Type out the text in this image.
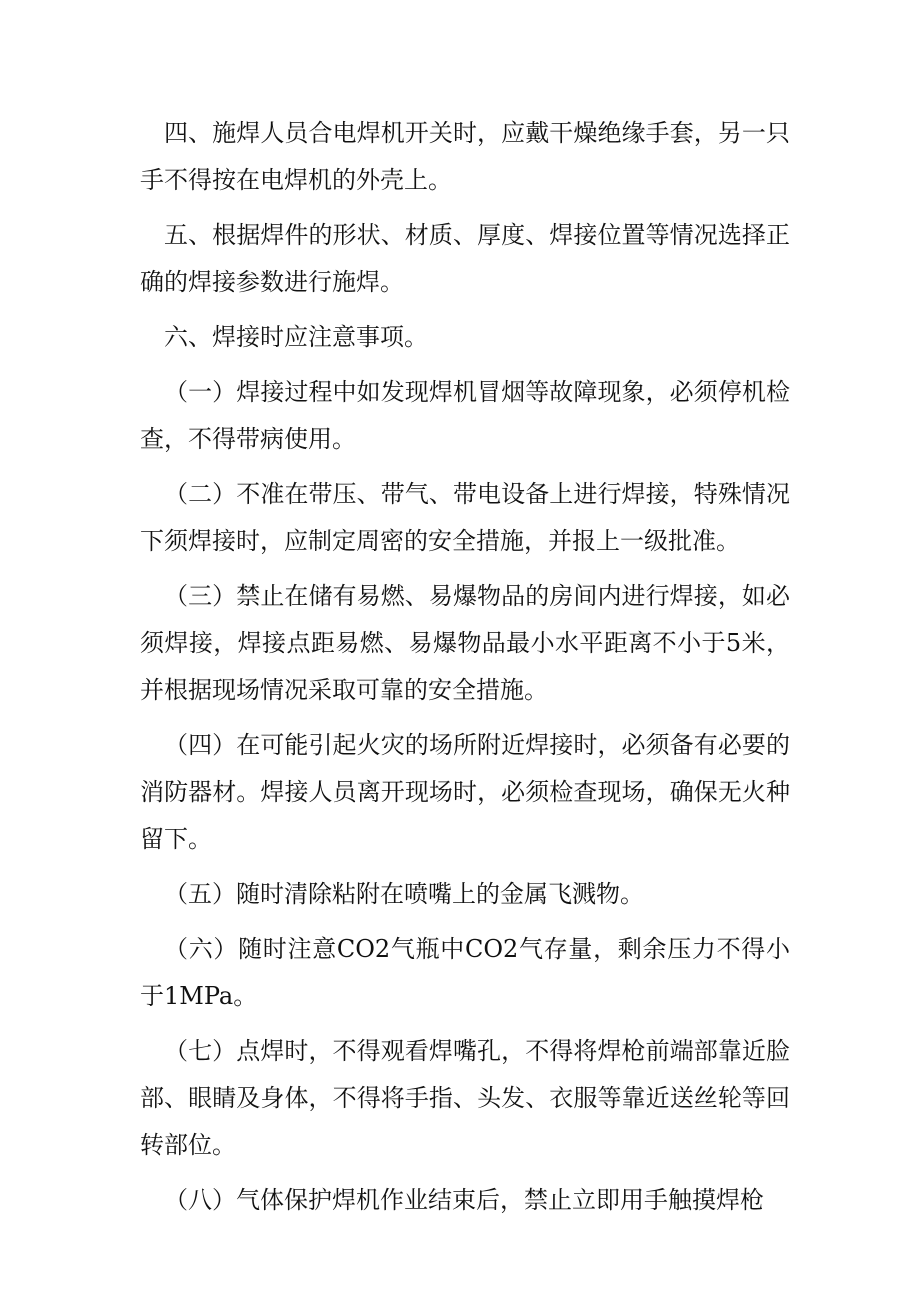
四、施焊人员合电焊机开关时，应戴干燥绝缘手套，另一只手不得按在电焊机的外壳上。

五、根据焊件的形状、材质、厚度、焊接位置等情况选择正确的焊接参数进行施焊。

六、焊接时应注意事项。

（一）焊接过程中如发现焊机冒烟等故障现象，必须停机检查，不得带病使用。

（二）不准在带压、带气、带电设备上进行焊接，特殊情况下须焊接时，应制定周密的安全措施，并报上一级批准。

（三）禁止在储有易燃、易爆物品的房间内进行焊接，如必须焊接，焊接点距易燃、易爆物品最小水平距离不小于5米，并根据现场情况采取可靠的安全措施。

（四）在可能引起火灾的场所附近焊接时，必须备有必要的消防器材。焊接人员离开现场时，必须检查现场，确保无火种留下。

（五）随时清除粘附在喷嘴上的金属飞溅物。

（六）随时注意CO2气瓶中CO2气存量，剩余压力不得小于1MPa。

（七）点焊时，不得观看焊嘴孔，不得将焊枪前端部靠近脸部、眼睛及身体，不得将手指、头发、衣服等靠近送丝轮等回转部位。

（八）气体保护焊机作业结束后，禁止立即用手触摸焊枪
